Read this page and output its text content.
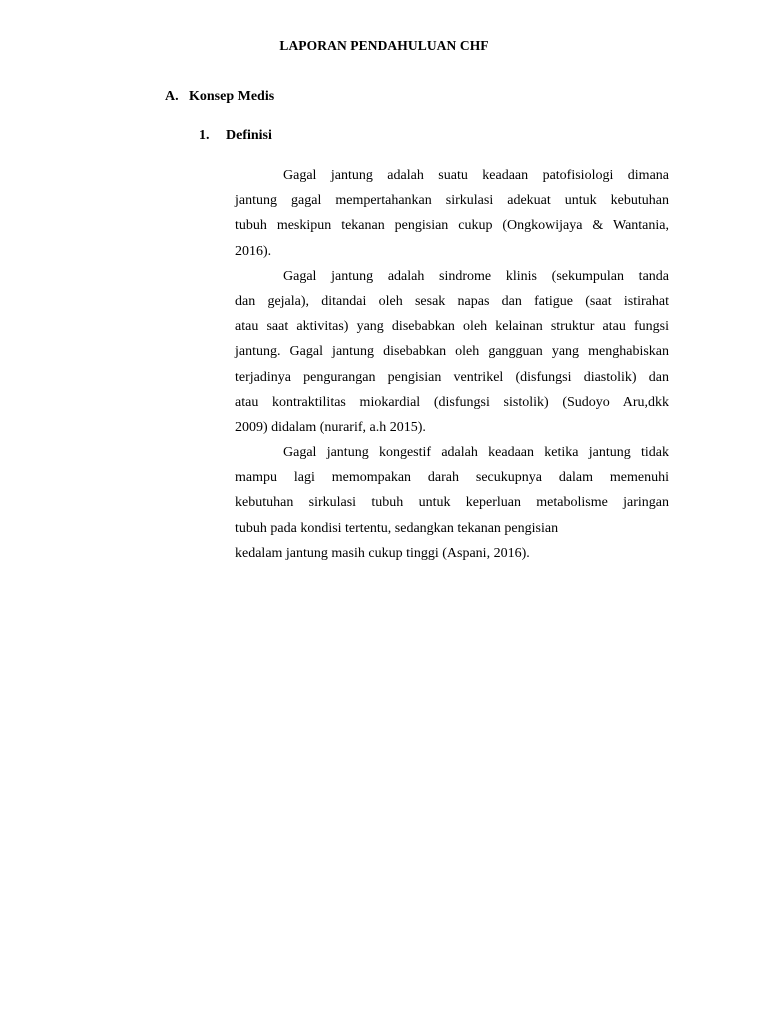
LAPORAN PENDAHULUAN CHF
A. Konsep Medis
1. Definisi
Gagal jantung adalah suatu keadaan patofisiologi dimana
jantung gagal mempertahankan sirkulasi adekuat untuk kebutuhan
tubuh meskipun tekanan pengisian cukup (Ongkowijaya & Wantania,
2016).
Gagal jantung adalah sindrome klinis (sekumpulan tanda
dan gejala), ditandai oleh sesak napas dan fatigue (saat istirahat
atau saat aktivitas) yang disebabkan oleh kelainan struktur atau fungsi
jantung. Gagal jantung disebabkan oleh gangguan yang menghabiskan
terjadinya pengurangan pengisian ventrikel (disfungsi diastolik) dan
atau kontraktilitas miokardial (disfungsi sistolik) (Sudoyo Aru,dkk
2009) didalam (nurarif, a.h 2015).
Gagal jantung kongestif adalah keadaan ketika jantung tidak
mampu lagi memompakan darah secukupnya dalam memenuhi
kebutuhan sirkulasi tubuh untuk keperluan metabolisme jaringan
tubuh pada kondisi tertentu, sedangkan tekanan pengisian
kedalam jantung masih cukup tinggi (Aspani, 2016).
